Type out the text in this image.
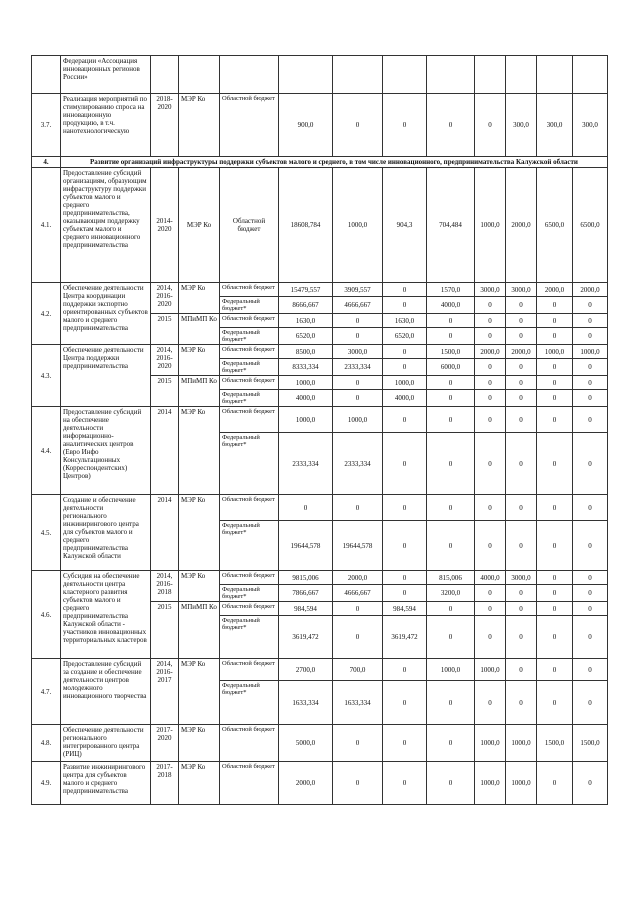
	Федерации «Ассоциация инновационных регионов России»											
3.7.	Реализация мероприятий по стимулированию спроса на инновационную продукцию, в т.ч. нанотехнологическую	2018-2020	МЭР Ко	Областной бюджет	900,0	0	0	0	0	300,0	300,0	300,0
4.	Развитие организаций инфраструктуры поддержки субъектов малого и среднего, в том числе инновационного, предпринимательства Калужской области											
4.1.	Предоставление субсидий организациям, образующим инфраструктуру поддержки субъектов малого и среднего предпринимательства, оказывающим поддержку субъектам малого и среднего инновационного предпринимательства	2014-2020	МЭР Ко	Областной бюджет	18608,784	1000,0	904,3	704,484	1000,0	2000,0	6500,0	6500,0
4.2.	Обеспечение деятельности Центра координации поддержки экспортно ориентированных субъектов малого и среднего предпринимательства	2014, 2016-2020	МЭР Ко	Областной бюджет	15479,557	3909,557	0	1570,0	3000,0	3000,0	2000,0	2000,0
				Федеральный бюджет*	8666,667	4666,667	0	4000,0	0	0	0	0
		2015	МПиМП Ко	Областной бюджет	1630,0	0	1630,0	0	0	0	0	0
				Федеральный бюджет*	6520,0	0	6520,0	0	0	0	0	0
4.3.	Обеспечение деятельности Центра поддержки предпринимательства	2014, 2016-2020	МЭР Ко	Областной бюджет	8500,0	3000,0	0	1500,0	2000,0	2000,0	1000,0	1000,0
				Федеральный бюджет*	8333,334	2333,334	0	6000,0	0	0	0	0
		2015	МПиМП Ко	Областной бюджет	1000,0	0	1000,0	0	0	0	0	0
				Федеральный бюджет*	4000,0	0	4000,0	0	0	0	0	0
4.4.	Предоставление субсидий на обеспечение деятельности информационно-аналитических центров (Евро Инфо Консультационных (Корреспондентских) Центров)	2014	МЭР Ко	Областной бюджет	1000,0	1000,0	0	0	0	0	0	0
				Федеральный бюджет*	2333,334	2333,334	0	0	0	0	0	0
4.5.	Создание и обеспечение деятельности регионального инжинирингового центра для субъектов малого и среднего предпринимательства Калужской области	2014	МЭР Ко	Областной бюджет	0	0	0	0	0	0	0	0
				Федеральный бюджет*	19644,578	19644,578	0	0	0	0	0	0
4.6.	Субсидия на обеспечение деятельности центра кластерного развития субъектов малого и среднего предпринимательства Калужской области - участников инновационных территориальных кластеров	2014, 2016-2018	МЭР Ко	Областной бюджет	9815,006	2000,0	0	815,006	4000,0	3000,0	0	0
				Федеральный бюджет*	7866,667	4666,667	0	3200,0	0	0	0	0
		2015	МПиМП Ко	Областной бюджет	984,594	0	984,594	0	0	0	0	0
				Федеральный бюджет*	3619,472	0	3619,472	0	0	0	0	0
4.7.	Предоставление субсидий за создание и обеспечение деятельности центров молодежного инновационного творчества	2014, 2016-2017	МЭР Ко	Областной бюджет	2700,0	700,0	0	1000,0	1000,0	0	0	0
				Федеральный бюджет*	1633,334	1633,334	0	0	0	0	0	0
4.8.	Обеспечение деятельности регионального интегрированного центра (РИЦ)	2017-2020	МЭР Ко	Областной бюджет	5000,0	0	0	0	1000,0	1000,0	1500,0	1500,0
4.9.	Развитие инжинирингового центра для субъектов малого и среднего предпринимательства	2017-2018	МЭР Ко	Областной бюджет	2000,0	0	0	0	1000,0	1000,0	0	0
